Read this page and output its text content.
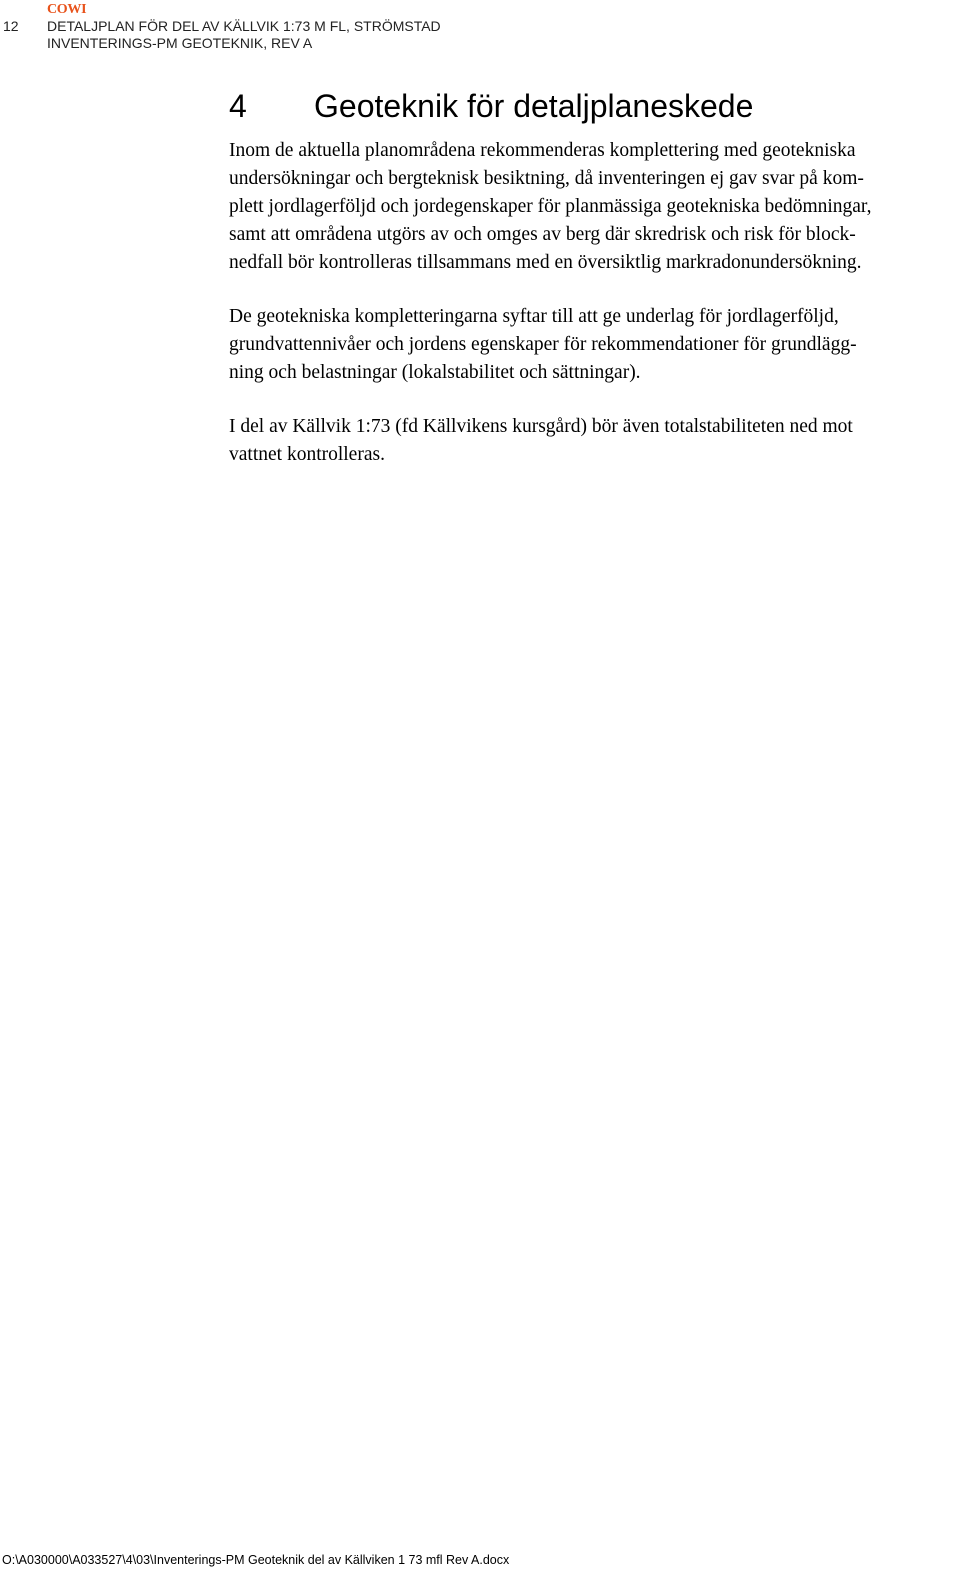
12
COWI
DETALJPLAN FÖR DEL AV KÄLLVIK 1:73 M FL, STRÖMSTAD
INVENTERINGS-PM GEOTEKNIK, REV A
4 Geoteknik för detaljplaneskede

Inom de aktuella planområdena rekommenderas komplettering med geotekniska
undersökningar och bergteknisk besiktning, då inventeringen ej gav svar på kom-
plett jordlagerföljd och jordegenskaper för planmässiga geotekniska bedömningar,
samt att områdena utgörs av och omges av berg där skredrisk och risk för block-
nedfall bör kontrolleras tillsammans med en översiktlig markradonundersökning.

De geotekniska kompletteringarna syftar till att ge underlag för jordlagerföljd,
grundvattennivåer och jordens egenskaper för rekommendationer för grundlägg-
ning och belastningar (lokalstabilitet och sättningar).

I del av Källvik 1:73 (fd Källvikens kursgård) bör även totalstabiliteten ned mot
vattnet kontrolleras.

O:\A030000\A033527\4\03\Inventerings-PM Geoteknik del av Källviken 1 73 mfl Rev A.docx
